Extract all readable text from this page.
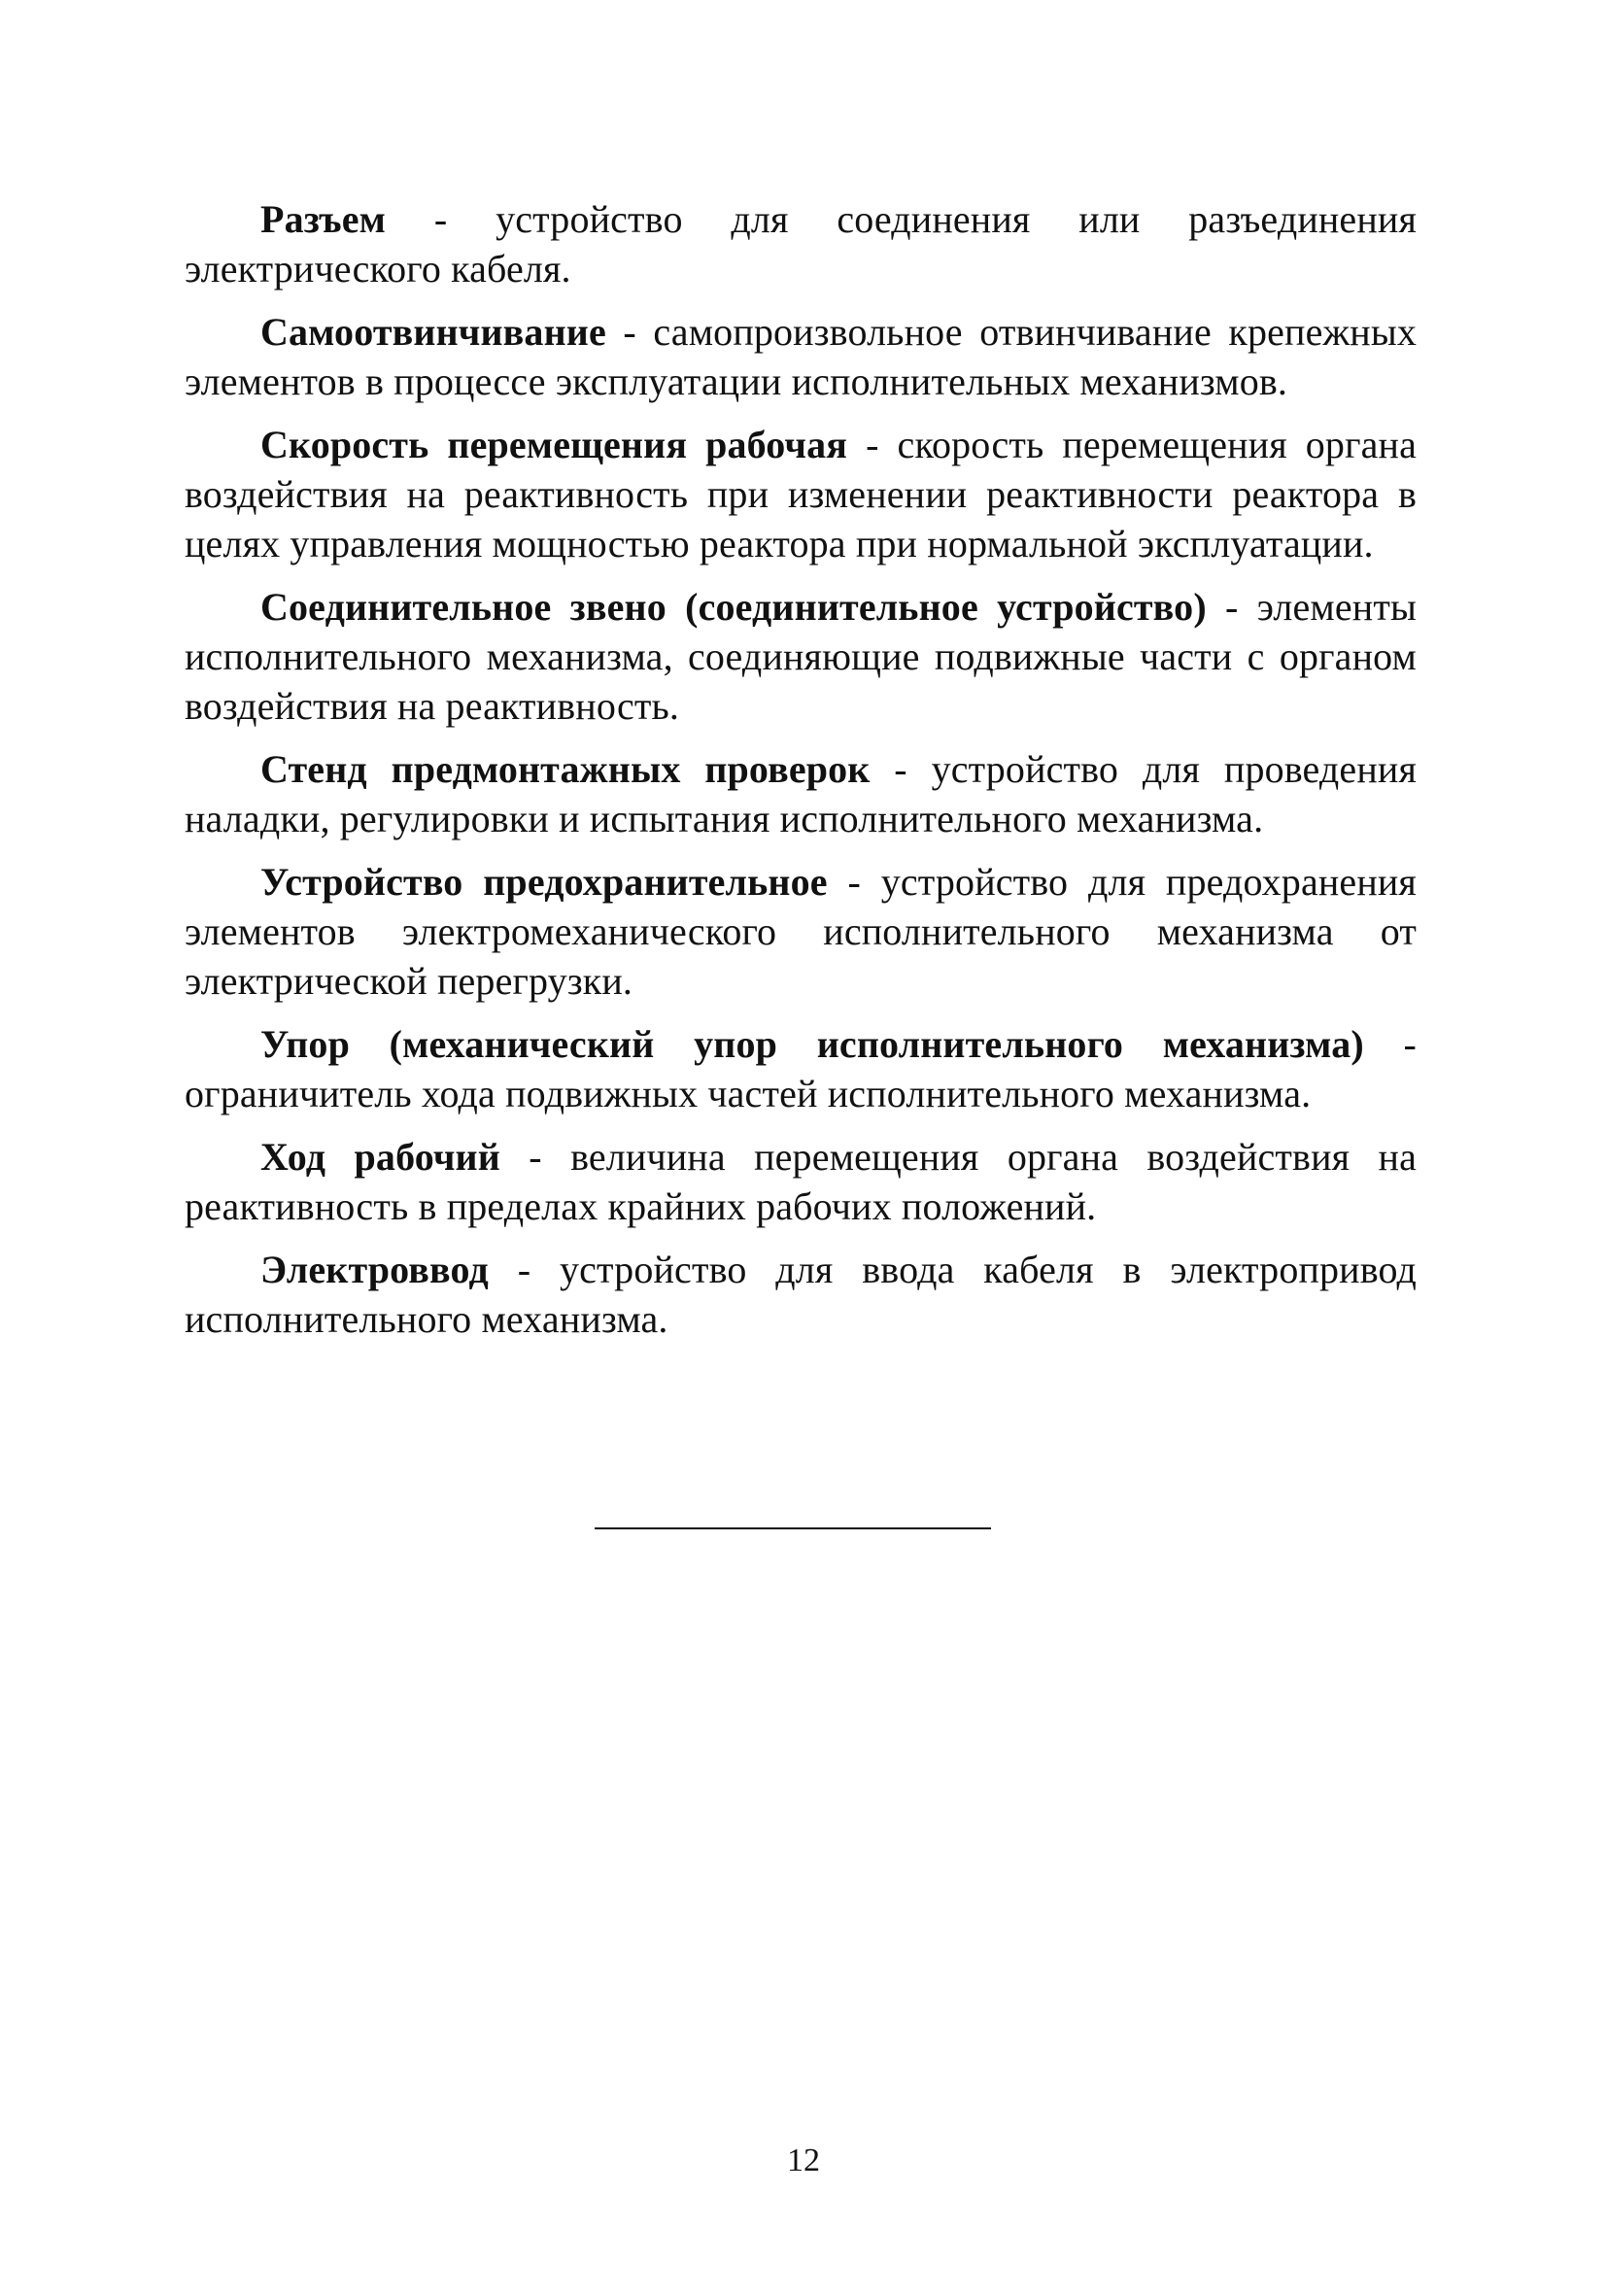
Разъем - устройство для соединения или разъединения электрического кабеля.

Самоотвинчивание - самопроизвольное отвинчивание крепежных элементов в процессе эксплуатации исполнительных механизмов.

Скорость перемещения рабочая - скорость перемещения органа воздействия на реактивность при изменении реактивности реактора в целях управления мощностью реактора при нормальной эксплуатации.

Соединительное звено (соединительное устройство) - элементы исполнительного механизма, соединяющие подвижные части с органом воздействия на реактивность.

Стенд предмонтажных проверок - устройство для проведения наладки, регулировки и испытания исполнительного механизма.

Устройство предохранительное - устройство для предохранения элементов электромеханического исполнительного механизма от электрической перегрузки.

Упор (механический упор исполнительного механизма) - ограничитель хода подвижных частей исполнительного механизма.

Ход рабочий - величина перемещения органа воздействия на реактивность в пределах крайних рабочих положений.

Электроввод - устройство для ввода кабеля в электропривод исполнительного механизма.

12
